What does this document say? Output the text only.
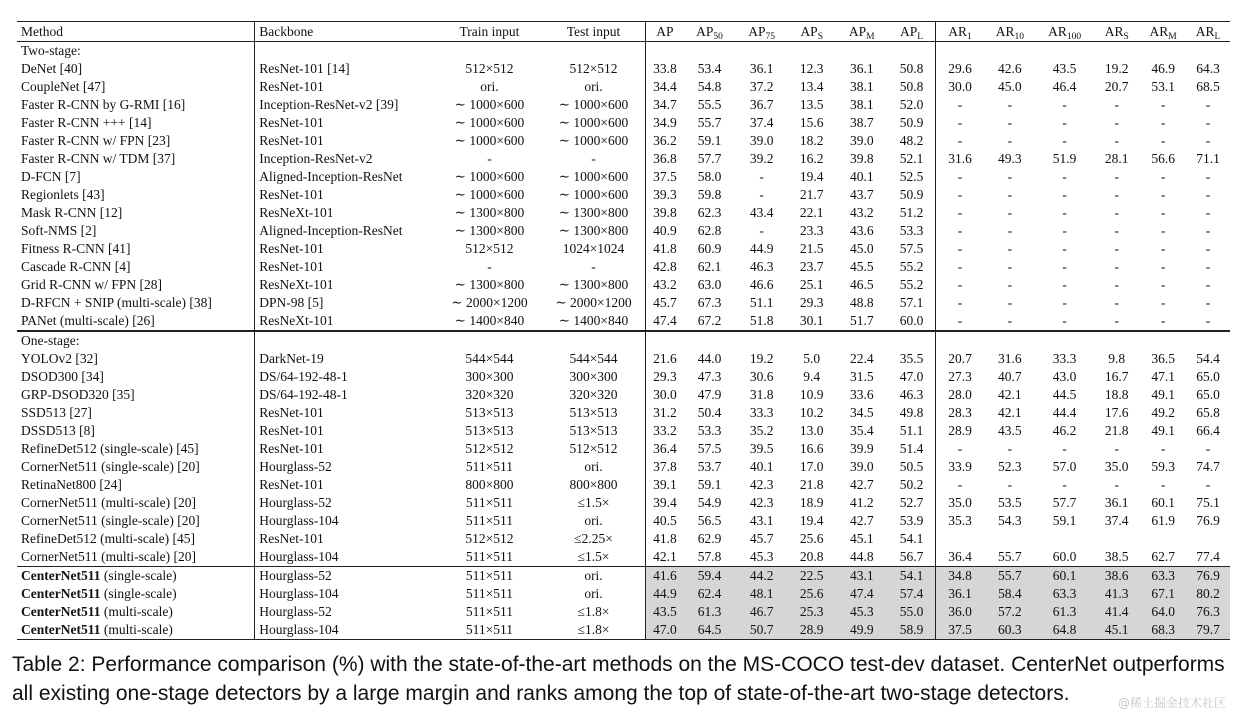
Method	Backbone	Train input	Test input	AP	$AP_{50}$	$AP_{75}$	$AP_S$	$AP_M$	$AP_L$	$AR_1$	$AR_{10}$	$AR_{100}$	$AR_S$	$AR_M$	$AR_L$
Two-stage:															
DeNet [40]	ResNet-101 [14]	512×512	512×512	33.8	53.4	36.1	12.3	36.1	50.8	29.6	42.6	43.5	19.2	46.9	64.3
CoupleNet [47]	ResNet-101	ori.	ori.	34.4	54.8	37.2	13.4	38.1	50.8	30.0	45.0	46.4	20.7	53.1	68.5
Faster R-CNN by G-RMI [16]	Inception-ResNet-v2 [39]	∼ 1000×600	∼ 1000×600	34.7	55.5	36.7	13.5	38.1	52.0	-	-	-	-	-	-
Faster R-CNN +++ [14]	ResNet-101	∼ 1000×600	∼ 1000×600	34.9	55.7	37.4	15.6	38.7	50.9	-	-	-	-	-	-
Faster R-CNN w/ FPN [23]	ResNet-101	∼ 1000×600	∼ 1000×600	36.2	59.1	39.0	18.2	39.0	48.2	-	-	-	-	-	-
Faster R-CNN w/ TDM [37]	Inception-ResNet-v2	-	-	36.8	57.7	39.2	16.2	39.8	52.1	31.6	49.3	51.9	28.1	56.6	71.1
D-FCN [7]	Aligned-Inception-ResNet	∼ 1000×600	∼ 1000×600	37.5	58.0	-	19.4	40.1	52.5	-	-	-	-	-	-
Regionlets [43]	ResNet-101	∼ 1000×600	∼ 1000×600	39.3	59.8	-	21.7	43.7	50.9	-	-	-	-	-	-
Mask R-CNN [12]	ResNeXt-101	∼ 1300×800	∼ 1300×800	39.8	62.3	43.4	22.1	43.2	51.2	-	-	-	-	-	-
Soft-NMS [2]	Aligned-Inception-ResNet	∼ 1300×800	∼ 1300×800	40.9	62.8	-	23.3	43.6	53.3	-	-	-	-	-	-
Fitness R-CNN [41]	ResNet-101	512×512	1024×1024	41.8	60.9	44.9	21.5	45.0	57.5	-	-	-	-	-	-
Cascade R-CNN [4]	ResNet-101	-	-	42.8	62.1	46.3	23.7	45.5	55.2	-	-	-	-	-	-
Grid R-CNN w/ FPN [28]	ResNeXt-101	∼ 1300×800	∼ 1300×800	43.2	63.0	46.6	25.1	46.5	55.2	-	-	-	-	-	-
D-RFCN + SNIP (multi-scale) [38]	DPN-98 [5]	∼ 2000×1200	∼ 2000×1200	45.7	67.3	51.1	29.3	48.8	57.1	-	-	-	-	-	-
PANet (multi-scale) [26]	ResNeXt-101	∼ 1400×840	∼ 1400×840	47.4	67.2	51.8	30.1	51.7	60.0	-	-	-	-	-	-
One-stage:															
YOLOv2 [32]	DarkNet-19	544×544	544×544	21.6	44.0	19.2	5.0	22.4	35.5	20.7	31.6	33.3	9.8	36.5	54.4
DSOD300 [34]	DS/64-192-48-1	300×300	300×300	29.3	47.3	30.6	9.4	31.5	47.0	27.3	40.7	43.0	16.7	47.1	65.0
GRP-DSOD320 [35]	DS/64-192-48-1	320×320	320×320	30.0	47.9	31.8	10.9	33.6	46.3	28.0	42.1	44.5	18.8	49.1	65.0
SSD513 [27]	ResNet-101	513×513	513×513	31.2	50.4	33.3	10.2	34.5	49.8	28.3	42.1	44.4	17.6	49.2	65.8
DSSD513 [8]	ResNet-101	513×513	513×513	33.2	53.3	35.2	13.0	35.4	51.1	28.9	43.5	46.2	21.8	49.1	66.4
RefineDet512 (single-scale) [45]	ResNet-101	512×512	512×512	36.4	57.5	39.5	16.6	39.9	51.4	-	-	-	-	-	-
CornerNet511 (single-scale) [20]	Hourglass-52	511×511	ori.	37.8	53.7	40.1	17.0	39.0	50.5	33.9	52.3	57.0	35.0	59.3	74.7
RetinaNet800 [24]	ResNet-101	800×800	800×800	39.1	59.1	42.3	21.8	42.7	50.2	-	-	-	-	-	-
CornerNet511 (multi-scale) [20]	Hourglass-52	511×511	≤1.5×	39.4	54.9	42.3	18.9	41.2	52.7	35.0	53.5	57.7	36.1	60.1	75.1
CornerNet511 (single-scale) [20]	Hourglass-104	511×511	ori.	40.5	56.5	43.1	19.4	42.7	53.9	35.3	54.3	59.1	37.4	61.9	76.9
RefineDet512 (multi-scale) [45]	ResNet-101	512×512	≤2.25×	41.8	62.9	45.7	25.6	45.1	54.1						
CornerNet511 (multi-scale) [20]	Hourglass-104	511×511	≤1.5×	42.1	57.8	45.3	20.8	44.8	56.7	36.4	55.7	60.0	38.5	62.7	77.4
CenterNet511 (single-scale)	Hourglass-52	511×511	ori.	41.6	59.4	44.2	22.5	43.1	54.1	34.8	55.7	60.1	38.6	63.3	76.9
CenterNet511 (single-scale)	Hourglass-104	511×511	ori.	44.9	62.4	48.1	25.6	47.4	57.4	36.1	58.4	63.3	41.3	67.1	80.2
CenterNet511 (multi-scale)	Hourglass-52	511×511	≤1.8×	43.5	61.3	46.7	25.3	45.3	55.0	36.0	57.2	61.3	41.4	64.0	76.3
CenterNet511 (multi-scale)	Hourglass-104	511×511	≤1.8×	47.0	64.5	50.7	28.9	49.9	58.9	37.5	60.3	64.8	45.1	68.3	79.7
Table 2: Performance comparison (%) with the state-of-the-art methods on the MS-COCO test-dev dataset. CenterNet outperforms all existing one-stage detectors by a large margin and ranks among the top of state-of-the-art two-stage detectors.	@稀土掘金技术社区
